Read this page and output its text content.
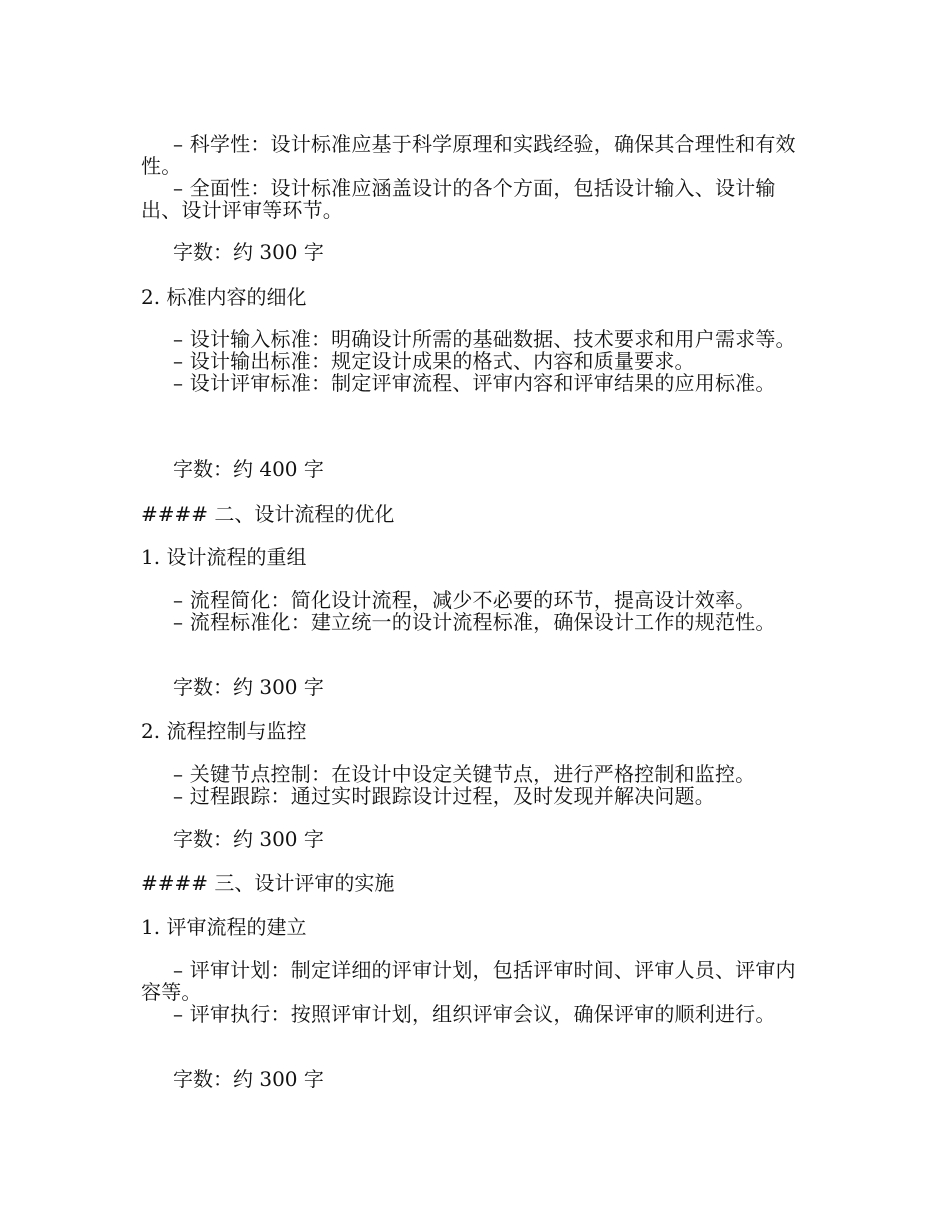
– 科学性：设计标准应基于科学原理和实践经验，确保其合理性和有效性。

– 全面性：设计标准应涵盖设计的各个方面，包括设计输入、设计输出、设计评审等环节。

字数：约 300 字

2. 标准内容的细化

– 设计输入标准：明确设计所需的基础数据、技术要求和用户需求等。

– 设计输出标准：规定设计成果的格式、内容和质量要求。

– 设计评审标准：制定评审流程、评审内容和评审结果的应用标准。

字数：约 400 字

#### 二、设计流程的优化

1. 设计流程的重组

– 流程简化：简化设计流程，减少不必要的环节，提高设计效率。

– 流程标准化：建立统一的设计流程标准，确保设计工作的规范性。

字数：约 300 字

2. 流程控制与监控

– 关键节点控制：在设计中设定关键节点，进行严格控制和监控。

– 过程跟踪：通过实时跟踪设计过程，及时发现并解决问题。

字数：约 300 字

#### 三、设计评审的实施

1. 评审流程的建立

– 评审计划：制定详细的评审计划，包括评审时间、评审人员、评审内容等。

– 评审执行：按照评审计划，组织评审会议，确保评审的顺利进行。

字数：约 300 字
